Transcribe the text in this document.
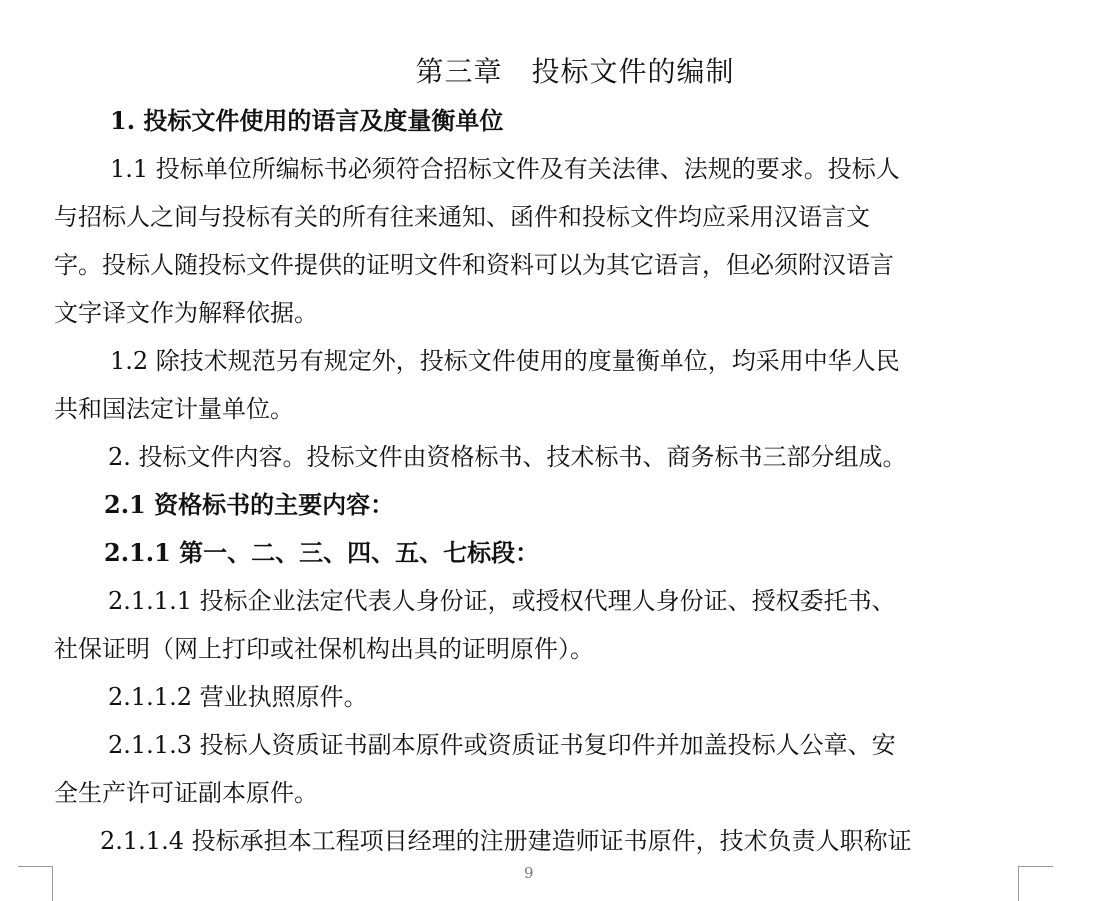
第三章　投标文件的编制
1. 投标文件使用的语言及度量衡单位
1.1 投标单位所编标书必须符合招标文件及有关法律、法规的要求。投标人
与招标人之间与投标有关的所有往来通知、函件和投标文件均应采用汉语言文
字。投标人随投标文件提供的证明文件和资料可以为其它语言，但必须附汉语言
文字译文作为解释依据。
1.2 除技术规范另有规定外，投标文件使用的度量衡单位，均采用中华人民
共和国法定计量单位。
2. 投标文件内容。投标文件由资格标书、技术标书、商务标书三部分组成。
2.1 资格标书的主要内容：
2.1.1 第一、二、三、四、五、七标段：
2.1.1.1 投标企业法定代表人身份证，或授权代理人身份证、授权委托书、
社保证明（网上打印或社保机构出具的证明原件）。
2.1.1.2 营业执照原件。
2.1.1.3 投标人资质证书副本原件或资质证书复印件并加盖投标人公章、安
全生产许可证副本原件。
2.1.1.4 投标承担本工程项目经理的注册建造师证书原件，技术负责人职称证
9
